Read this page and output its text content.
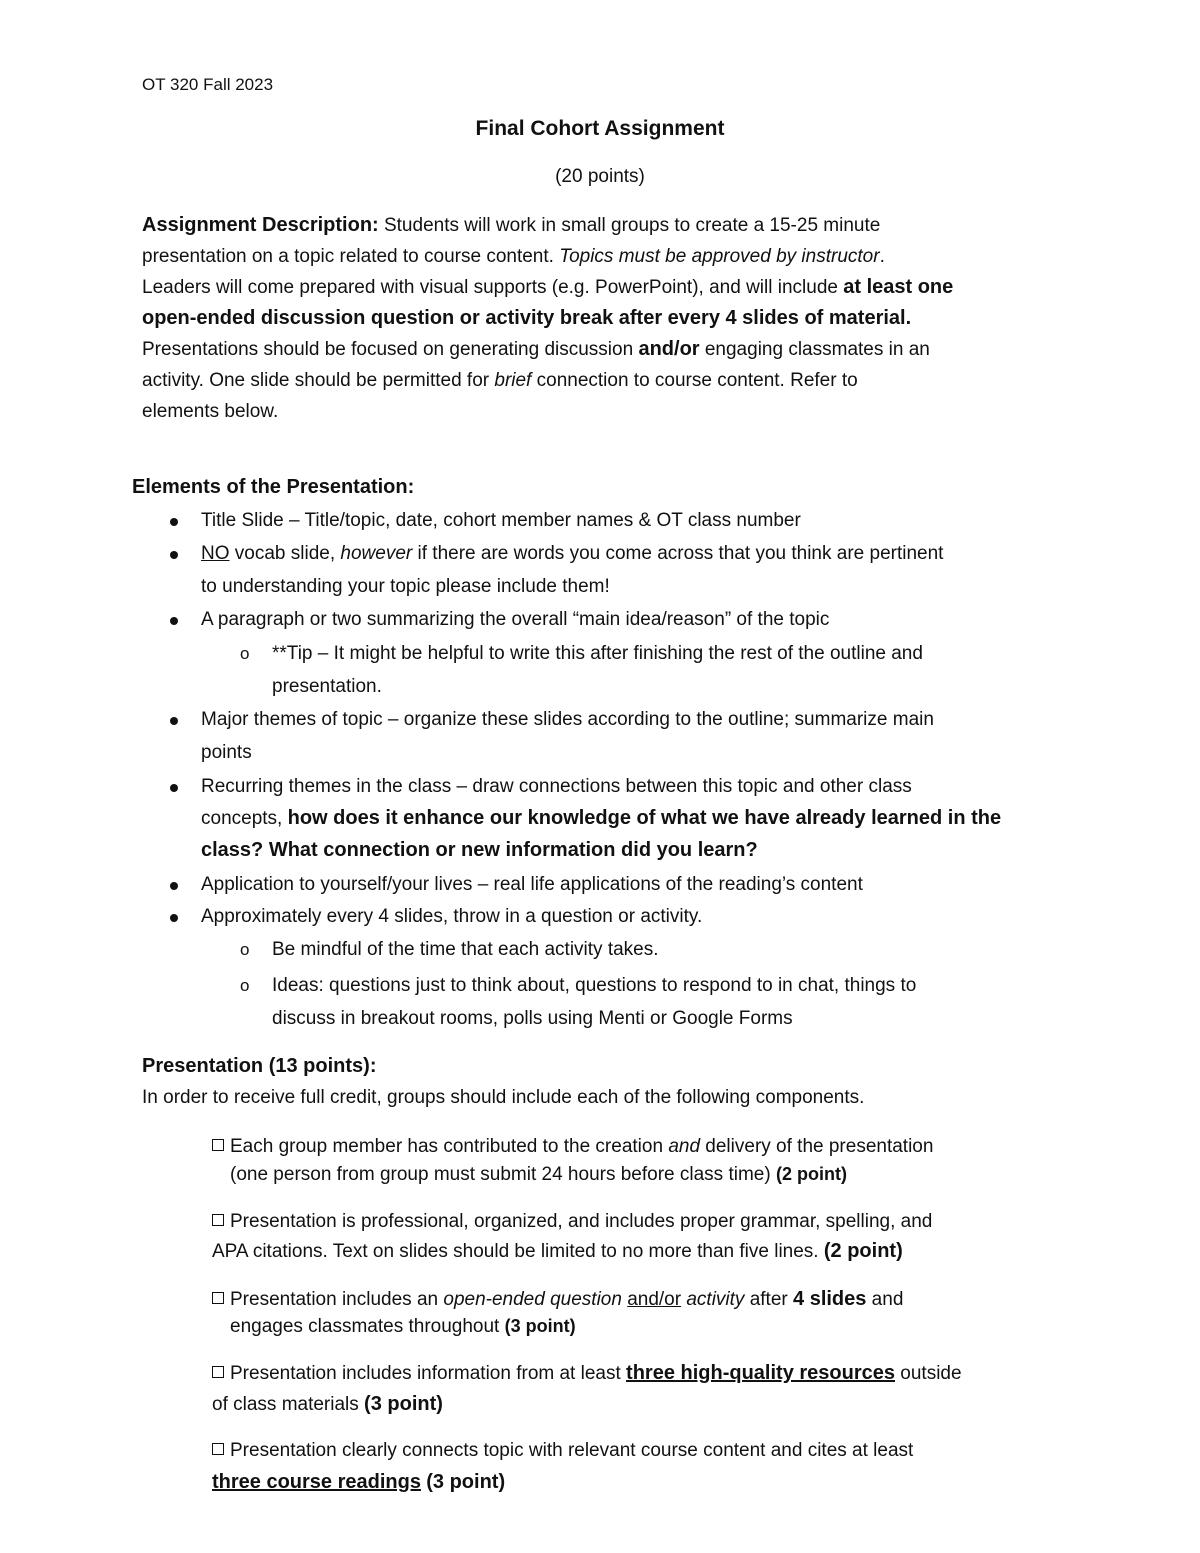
OT 320 Fall 2023
Final Cohort Assignment
(20 points)
Assignment Description: Students will work in small groups to create a 15-25 minute
presentation on a topic related to course content. Topics must be approved by instructor.
Leaders will come prepared with visual supports (e.g. PowerPoint), and will include at least one
open-ended discussion question or activity break after every 4 slides of material.
Presentations should be focused on generating discussion and/or engaging classmates in an
activity. One slide should be permitted for brief connection to course content. Refer to
elements below.
Elements of the Presentation:
Title Slide – Title/topic, date, cohort member names & OT class number
NO vocab slide, however if there are words you come across that you think are pertinent
to understanding your topic please include them!
A paragraph or two summarizing the overall “main idea/reason” of the topic
o **Tip – It might be helpful to write this after finishing the rest of the outline and
presentation.
Major themes of topic – organize these slides according to the outline; summarize main
points
Recurring themes in the class – draw connections between this topic and other class
concepts, how does it enhance our knowledge of what we have already learned in the
class? What connection or new information did you learn?
Application to yourself/your lives – real life applications of the reading’s content
Approximately every 4 slides, throw in a question or activity.
o Be mindful of the time that each activity takes.
o Ideas: questions just to think about, questions to respond to in chat, things to
discuss in breakout rooms, polls using Menti or Google Forms
Presentation (13 points):
In order to receive full credit, groups should include each of the following components.
Each group member has contributed to the creation and delivery of the presentation
(one person from group must submit 24 hours before class time) (2 point)
Presentation is professional, organized, and includes proper grammar, spelling, and
APA citations. Text on slides should be limited to no more than five lines. (2 point)
Presentation includes an open-ended question and/or activity after 4 slides and
engages classmates throughout (3 point)
Presentation includes information from at least three high-quality resources outside
of class materials (3 point)
Presentation clearly connects topic with relevant course content and cites at least
three course readings (3 point)
